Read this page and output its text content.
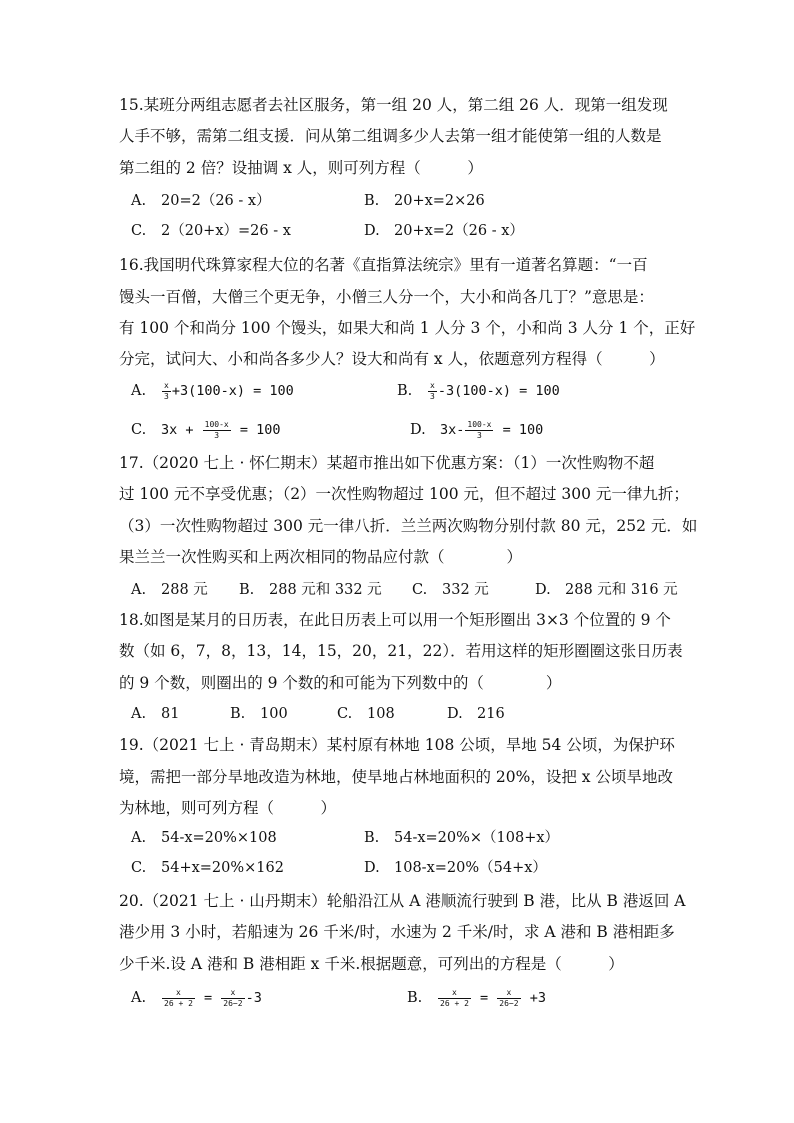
15.某班分两组志愿者去社区服务，第一组 20 人，第二组 26 人．现第一组发现
人手不够，需第二组支援．问从第二组调多少人去第一组才能使第一组的人数是
第二组的 2 倍？设抽调 x 人，则可列方程（　　　）
A. 20=2（26 - x）	B. 20+x=2×26
C. 2（20+x）=26 - x	D. 20+x=2（26 - x）
16.我国明代珠算家程大位的名著《直指算法统宗》里有一道著名算题：“一百
馒头一百僧，大僧三个更无争，小僧三人分一个，大小和尚各几丁？”意思是：
有 100 个和尚分 100 个馒头，如果大和尚 1 人分 3 个，小和尚 3 人分 1 个，正好
分完，试问大、小和尚各多少人？设大和尚有 x 人，依题意列方程得（　　　）
A. $\frac{x}{3} +3(100-x) = 100$	B. $\frac{x}{3} -3(100-x) = 100$
C. $3x + \frac{100-x}{3} = 100$	D. $3x- \frac{100-x}{3} = 100$
17.（2020 七上 · 怀仁期末）某超市推出如下优惠方案：（1）一次性购物不超
过 100 元不享受优惠；（2）一次性购物超过 100 元，但不超过 300 元一律九折；
（3）一次性购物超过 300 元一律八折．兰兰两次购物分别付款 80 元，252 元．如
果兰兰一次性购买和上两次相同的物品应付款（　　　　）
A. 288 元 B. 288 元和 332 元 C. 332 元	D. 288 元和 316 元
18.如图是某月的日历表，在此日历表上可以用一个矩形圈出 3×3 个位置的 9 个
数（如 6，7，8，13，14，15，20，21，22）．若用这样的矩形圈圈这张日历表
的 9 个数，则圈出的 9 个数的和可能为下列数中的（　　　　）
A. 81	B. 100	C. 108	D. 216
19.（2021 七上 · 青岛期末）某村原有林地 108 公顷，旱地 54 公顷，为保护环
境，需把一部分旱地改造为林地，使旱地占林地面积的 20%，设把 x 公顷旱地改
为林地，则可列方程（　　　）
A. 54-x=20%×108	B. 54-x=20%×（108+x）
C. 54+x=20%×162	D. 108-x=20%（54+x）
20.（2021 七上 · 山丹期末）轮船沿江从 A 港顺流行驶到 B 港，比从 B 港返回 A
港少用 3 小时，若船速为 26 千米/时，水速为 2 千米/时，求 A 港和 B 港相距多
少千米.设 A 港和 B 港相距 x 千米.根据题意，可列出的方程是（　　　）
A. $\frac{x}{26 + 2} = \frac{x}{26-2} -3$	B. $\frac{x}{26 + 2} = \frac{x}{26-2} +3$
